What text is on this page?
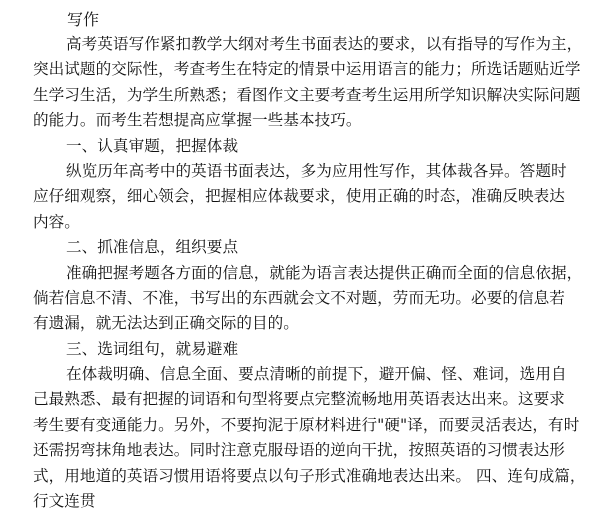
写作
高考英语写作紧扣教学大纲对考生书面表达的要求，以有指导的写作为主，
突出试题的交际性，考查考生在特定的情景中运用语言的能力；所选话题贴近学
生学习生活，为学生所熟悉；看图作文主要考查考生运用所学知识解决实际问题
的能力。而考生若想提高应掌握一些基本技巧。
一、认真审题，把握体裁
纵览历年高考中的英语书面表达，多为应用性写作，其体裁各异。答题时
应仔细观察，细心领会，把握相应体裁要求，使用正确的时态，准确反映表达
内容。
二、抓准信息，组织要点
准确把握考题各方面的信息，就能为语言表达提供正确而全面的信息依据，
倘若信息不清、不准，书写出的东西就会文不对题，劳而无功。必要的信息若
有遗漏，就无法达到正确交际的目的。
三、选词组句，就易避难
在体裁明确、信息全面、要点清晰的前提下，避开偏、怪、难词，选用自
己最熟悉、最有把握的词语和句型将要点完整流畅地用英语表达出来。这要求
考生要有变通能力。另外，不要拘泥于原材料进行"硬"译，而要灵活表达，有时
还需拐弯抹角地表达。同时注意克服母语的逆向干扰，按照英语的习惯表达形
式，用地道的英语习惯用语将要点以句子形式准确地表达出来。 四、连句成篇，
行文连贯
